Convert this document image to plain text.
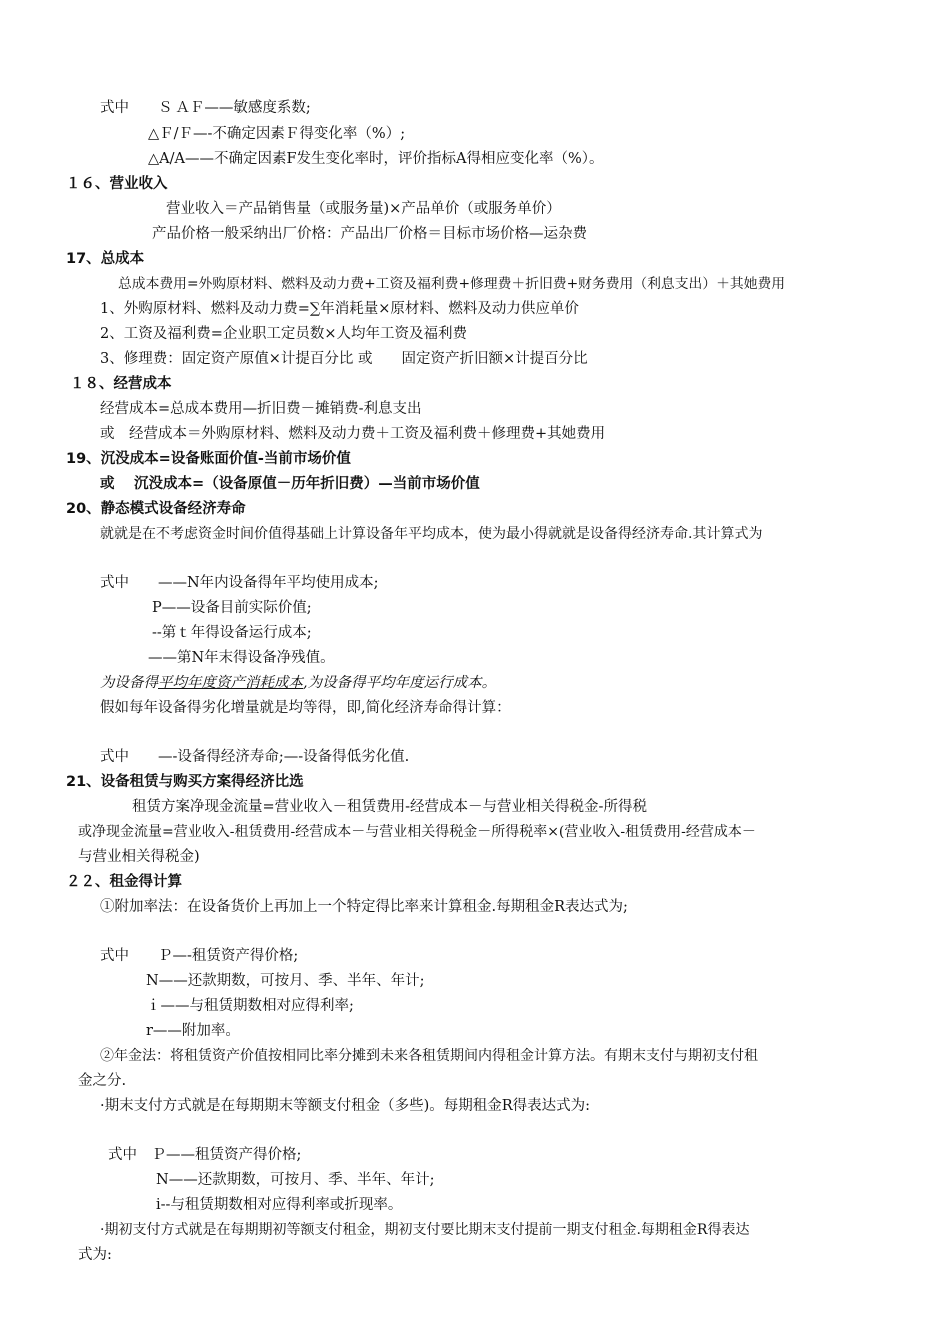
式中　　Ｓ ＡＦ——敏感度系数;
△Ｆ/Ｆ—-不确定因素Ｆ得变化率（%）;
△A/A——不确定因素F发生变化率时，评价指标A得相应变化率（%）。
１６、营业收入
营业收入＝产品销售量（或服务量)×产品单价（或服务单价）
产品价格一般采纳出厂价格：产品出厂价格＝目标市场价格—运杂费
17、总成本
总成本费用=外购原材料、燃料及动力费+工资及福利费+修理费＋折旧费+财务费用（利息支出）＋其她费用
1、外购原材料、燃料及动力费=∑年消耗量×原材料、燃料及动力供应单价
2、工资及福利费=企业职工定员数×人均年工资及福利费
3、修理费：固定资产原值×计提百分比 或　　固定资产折旧额×计提百分比
１８、经营成本
经营成本=总成本费用—折旧费－摊销费-利息支出
或　经营成本＝外购原材料、燃料及动力费＋工资及福利费＋修理费+其她费用
19、沉没成本=设备账面价值-当前市场价值
或　 沉没成本=（设备原值－历年折旧费）—当前市场价值
20、静态模式设备经济寿命
就就是在不考虑资金时间价值得基础上计算设备年平均成本，使为最小得就就是设备得经济寿命.其计算式为
式中　　——N年内设备得年平均使用成本;
P——设备目前实际价值;
--第ｔ年得设备运行成本;
——第N年末得设备净残值。
为设备得平均年度资产消耗成本,为设备得平均年度运行成本。
假如每年设备得劣化增量就是均等得，即,简化经济寿命得计算：
式中　　—-设备得经济寿命;—-设备得低劣化值.
21、设备租赁与购买方案得经济比选
租赁方案净现金流量=营业收入－租赁费用-经营成本－与营业相关得税金-所得税
或净现金流量=营业收入-租赁费用-经营成本－与营业相关得税金－所得税率×(营业收入-租赁费用-经营成本－
与营业相关得税金)
２２、租金得计算
①附加率法：在设备货价上再加上一个特定得比率来计算租金.每期租金R表达式为;
式中　　Ｐ—-租赁资产得价格;
N——还款期数，可按月、季、半年、年计;
ｉ——与租赁期数相对应得利率;
r——附加率。
②年金法：将租赁资产价值按相同比率分摊到未来各租赁期间内得租金计算方法。有期末支付与期初支付租
金之分.
·期末支付方式就是在每期期末等额支付租金（多些)。每期租金R得表达式为:
式中　Ｐ——租赁资产得价格;
N——还款期数，可按月、季、半年、年计;
i--与租赁期数相对应得利率或折现率。
·期初支付方式就是在每期期初等额支付租金，期初支付要比期末支付提前一期支付租金.每期租金R得表达
式为:
